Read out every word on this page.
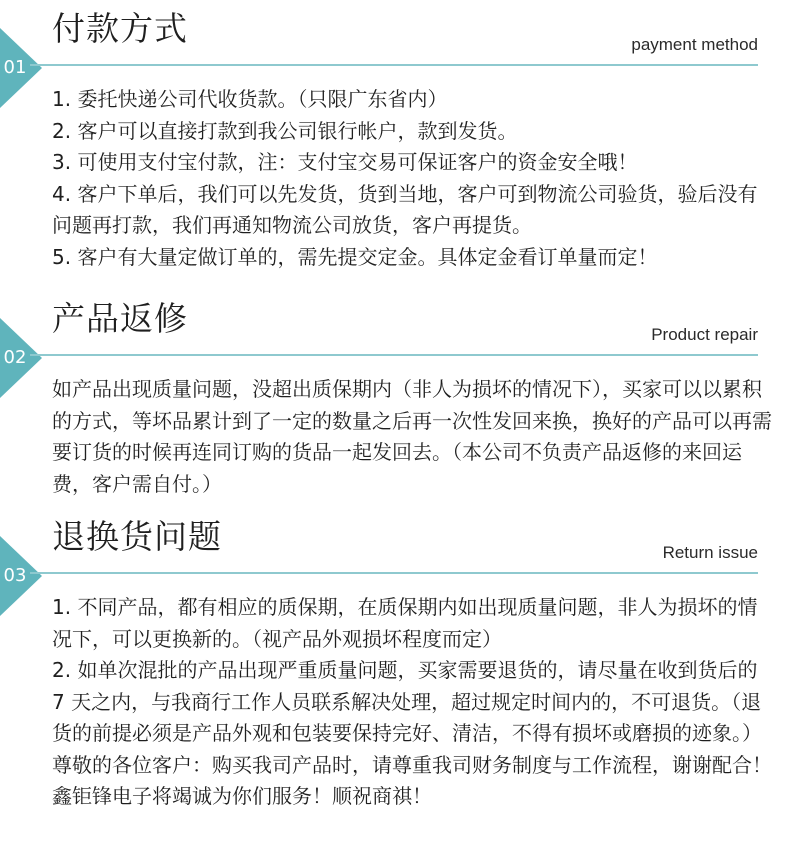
01
付款方式	payment method

1. 委托快递公司代收货款。（只限广东省内）

2. 客户可以直接打款到我公司银行帐户，款到发货。

3. 可使用支付宝付款，注：支付宝交易可保证客户的资金安全哦！

4. 客户下单后，我们可以先发货，货到当地，客户可到物流公司验货，验后没有问题再打款，我们再通知物流公司放货，客户再提货。

5. 客户有大量定做订单的，需先提交定金。具体定金看订单量而定！

02
产品返修	Product repair

如产品出现质量问题，没超出质保期内（非人为损坏的情况下），买家可以以累积的方式，等坏品累计到了一定的数量之后再一次性发回来换，换好的产品可以再需要订货的时候再连同订购的货品一起发回去。（本公司不负责产品返修的来回运费，客户需自付。）

03
退换货问题	Return issue

1. 不同产品，都有相应的质保期，在质保期内如出现质量问题，非人为损坏的情况下，可以更换新的。（视产品外观损坏程度而定）

2. 如单次混批的产品出现严重质量问题，买家需要退货的，请尽量在收到货后的 7 天之内，与我商行工作人员联系解决处理，超过规定时间内的，不可退货。（退货的前提必须是产品外观和包装要保持完好、清洁，不得有损坏或磨损的迹象。）尊敬的各位客户：购买我司产品时，请尊重我司财务制度与工作流程，谢谢配合！鑫钜锋电子将竭诚为你们服务！顺祝商祺！
